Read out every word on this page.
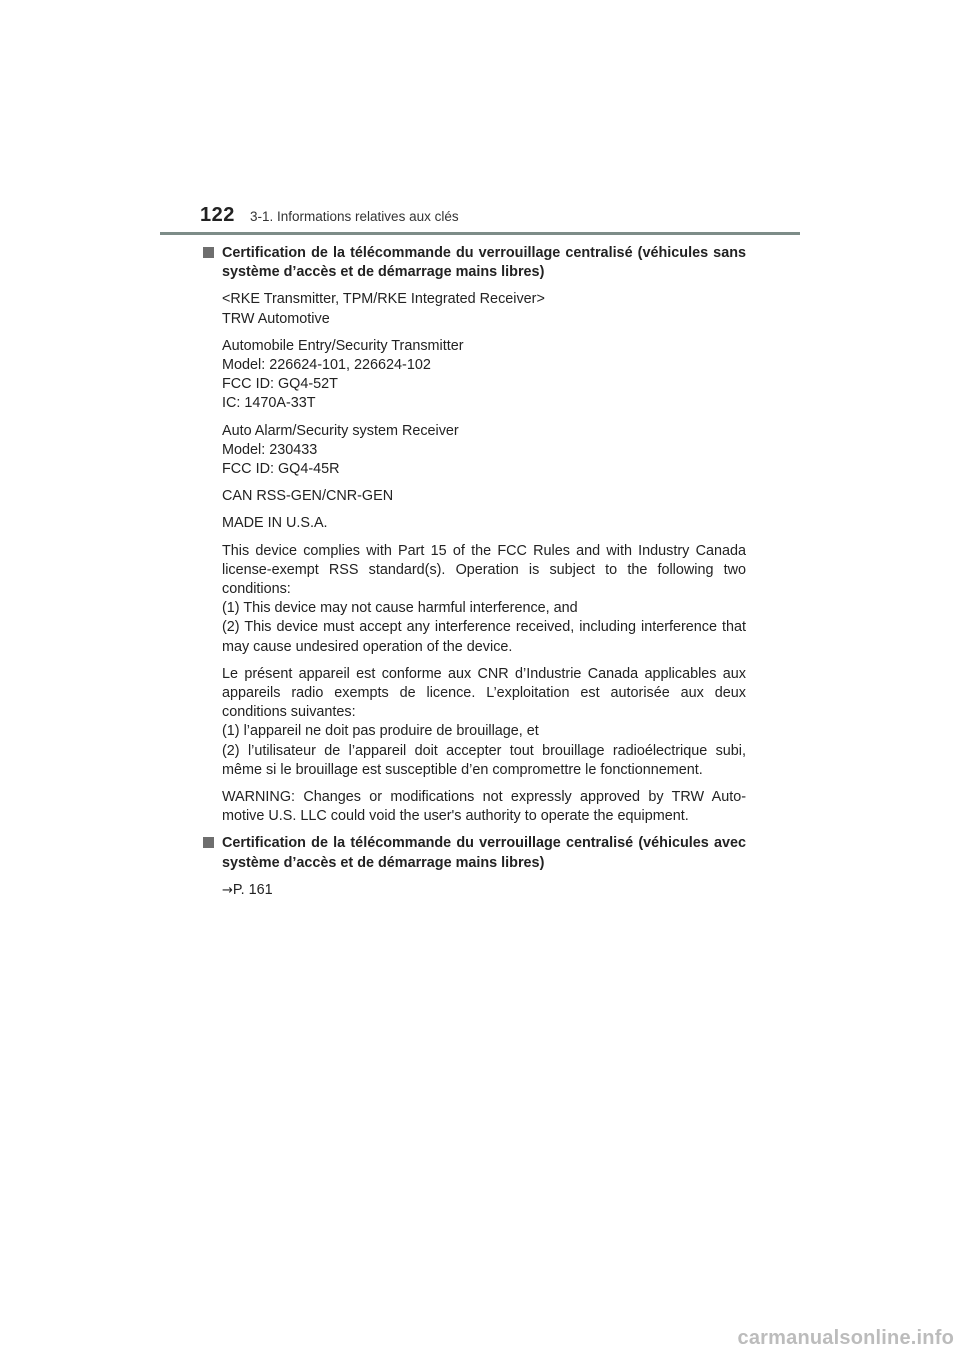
122 3-1. Informations relatives aux clés
Certification de la télécommande du verrouillage centralisé (véhicules sans système d’accès et de démarrage mains libres)
<RKE Transmitter, TPM/RKE Integrated Receiver>
TRW Automotive
Automobile Entry/Security Transmitter
Model: 226624-101, 226624-102
FCC ID: GQ4-52T
IC: 1470A-33T
Auto Alarm/Security system Receiver
Model: 230433
FCC ID: GQ4-45R
CAN RSS-GEN/CNR-GEN
MADE IN U.S.A.
This device complies with Part 15 of the FCC Rules and with Industry Canada license-exempt RSS standard(s). Operation is subject to the following two conditions:
(1) This device may not cause harmful interference, and
(2) This device must accept any interference received, including interference that may cause undesired operation of the device.
Le présent appareil est conforme aux CNR d’Industrie Canada applicables aux appareils radio exempts de licence. L’exploitation est autorisée aux deux conditions suivantes:
(1) l’appareil ne doit pas produire de brouillage, et
(2) l’utilisateur de l’appareil doit accepter tout brouillage radioélectrique subi, même si le brouillage est susceptible d’en compromettre le fonctionnement.
WARNING: Changes or modifications not expressly approved by TRW Auto-motive U.S. LLC could void the user's authority to operate the equipment.
Certification de la télécommande du verrouillage centralisé (véhicules avec système d’accès et de démarrage mains libres)
→P. 161
carmanualsonline.info
